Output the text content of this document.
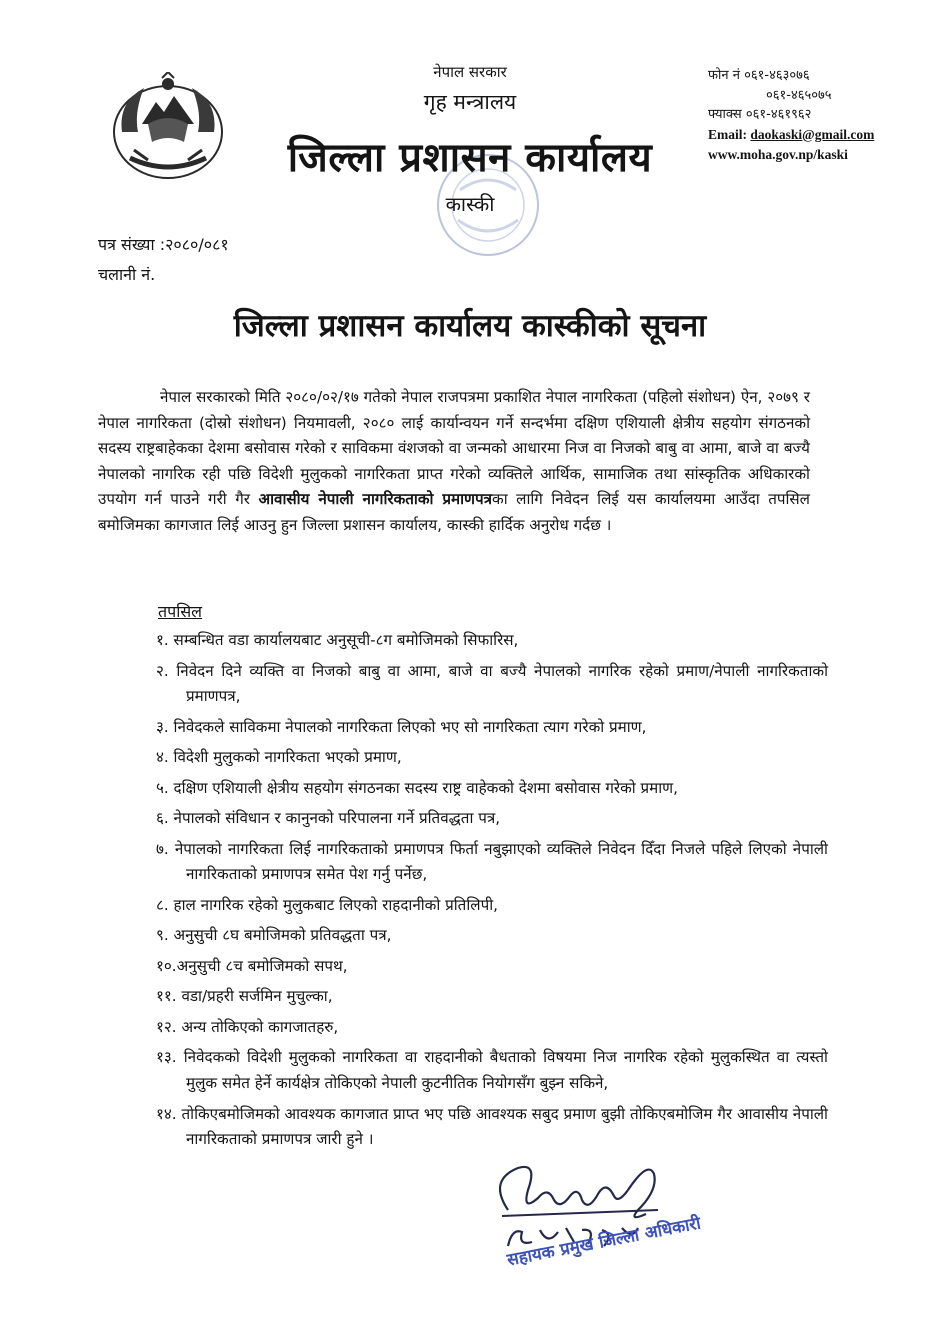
नेपाल सरकार
गृह मन्त्रालय
जिल्ला प्रशासन कार्यालय
कास्की
फोन नं ०६१-४६३०७६
०६१-४६५०७५
फ्याक्स ०६१-४६१९६२
Email: daokaski@gmail.com
www.moha.gov.np/kaski
पत्र संख्या :२०८०/०८१
चलानी नं.
जिल्ला प्रशासन कार्यालय कास्कीको सूचना

नेपाल सरकारको मिति २०८०/०२/१७ गतेको नेपाल राजपत्रमा प्रकाशित नेपाल नागरिकता (पहिलो संशोधन) ऐन, २०७९ र नेपाल नागरिकता (दोस्रो संशोधन) नियमावली, २०८० लाई कार्यान्वयन गर्ने सन्दर्भमा दक्षिण एशियाली क्षेत्रीय सहयोग संगठनको सदस्य राष्ट्रबाहेकका देशमा बसोवास गरेको र साविकमा वंशजको वा जन्मको आधारमा निज वा निजको बाबु वा आमा, बाजे वा बज्यै नेपालको नागरिक रही पछि विदेशी मुलुकको नागरिकता प्राप्त गरेको व्यक्तिले आर्थिक, सामाजिक तथा सांस्कृतिक अधिकारको उपयोग गर्न पाउने गरी गैर आवासीय नेपाली नागरिकताको प्रमाणपत्रका लागि निवेदन लिई यस कार्यालयमा आउँदा तपसिल बमोजिमका कागजात लिई आउनु हुन जिल्ला प्रशासन कार्यालय, कास्की हार्दिक अनुरोध गर्दछ ।

तपसिल
१. सम्बन्धित वडा कार्यालयबाट अनुसूची-८ग बमोजिमको सिफारिस,
२. निवेदन दिने व्यक्ति वा निजको बाबु वा आमा, बाजे वा बज्यै नेपालको नागरिक रहेको प्रमाण/नेपाली नागरिकताको प्रमाणपत्र,
३. निवेदकले साविकमा नेपालको नागरिकता लिएको भए सो नागरिकता त्याग गरेको प्रमाण,
४. विदेशी मुलुकको नागरिकता भएको प्रमाण,
५. दक्षिण एशियाली क्षेत्रीय सहयोग संगठनका सदस्य राष्ट्र वाहेकको देशमा बसोवास गरेको प्रमाण,
६. नेपालको संविधान र कानुनको परिपालना गर्ने प्रतिवद्धता पत्र,
७. नेपालको नागरिकता लिई नागरिकताको प्रमाणपत्र फिर्ता नबुझाएको व्यक्तिले निवेदन दिँदा निजले पहिले लिएको नेपाली नागरिकताको प्रमाणपत्र समेत पेश गर्नु पर्नेछ,
८. हाल नागरिक रहेको मुलुकबाट लिएको राहदानीको प्रतिलिपी,
९. अनुसुची ८घ बमोजिमको प्रतिवद्धता पत्र,
१०.अनुसुची ८च बमोजिमको सपथ,
११. वडा/प्रहरी सर्जमिन मुचुल्का,
१२. अन्य तोकिएको कागजातहरु,
१३. निवेदकको विदेशी मुलुकको नागरिकता वा राहदानीको बैधताको विषयमा निज नागरिक रहेको मुलुकस्थित वा त्यस्तो मुलुक समेत हेर्ने कार्यक्षेत्र तोकिएको नेपाली कुटनीतिक नियोगसँग बुझ्न सकिने,
१४. तोकिएबमोजिमको आवश्यक कागजात प्राप्त भए पछि आवश्यक सबुद प्रमाण बुझी तोकिएबमोजिम गैर आवासीय नेपाली नागरिकताको प्रमाणपत्र जारी हुने ।
सहायक प्रमुख जिल्ला अधिकारी
